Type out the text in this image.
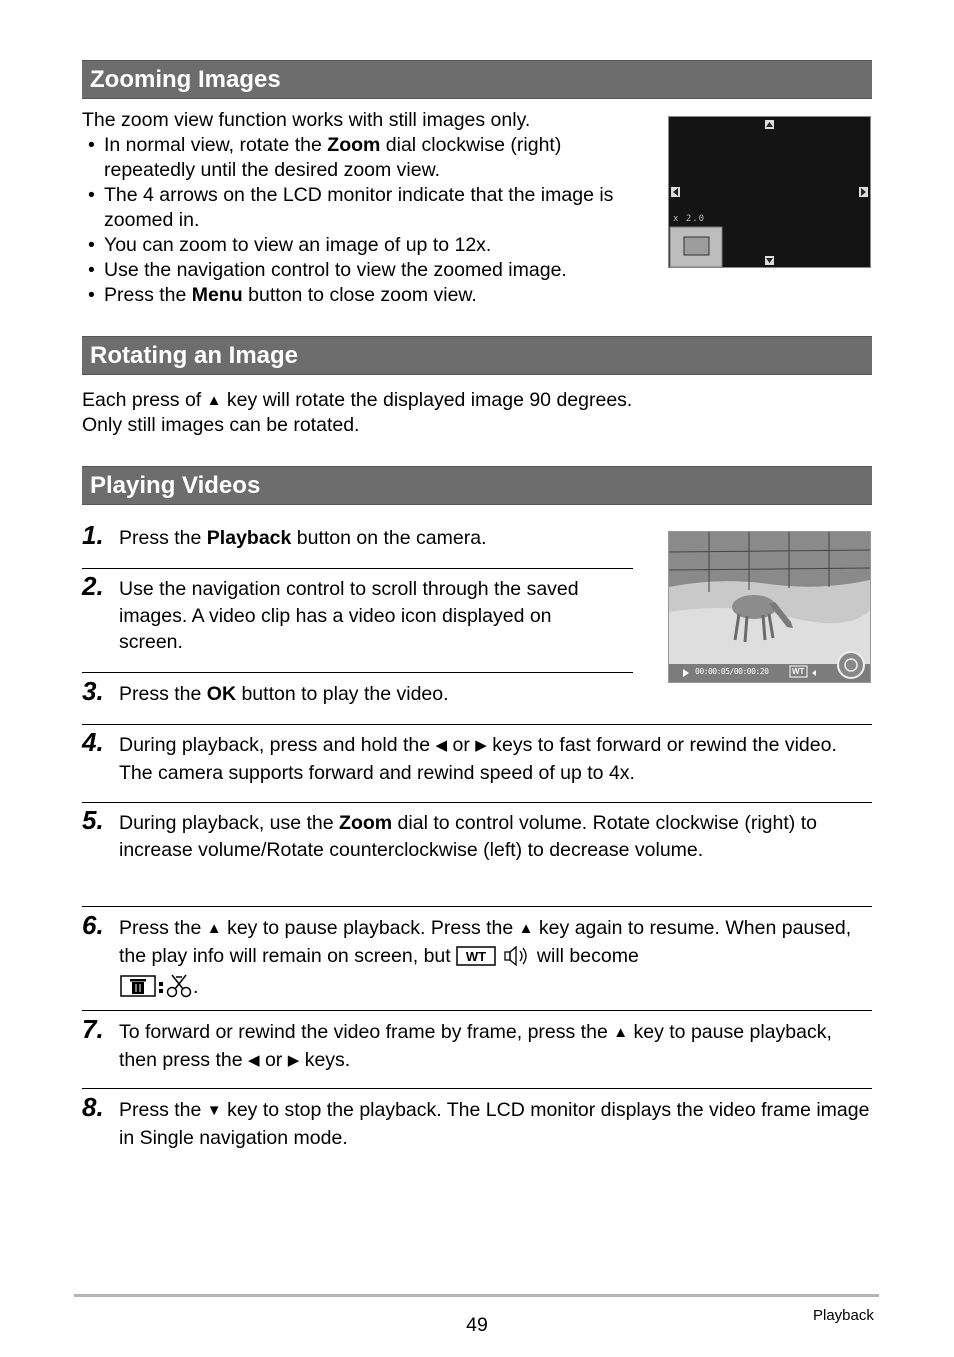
Zooming Images
The zoom view function works with still images only.
• In normal view, rotate the Zoom dial clockwise (right) repeatedly until the desired zoom view.
• The 4 arrows on the LCD monitor indicate that the image is zoomed in.
• You can zoom to view an image of up to 12x.
• Use the navigation control to view the zoomed image.
• Press the Menu button to close zoom view.
x 2.0
Rotating an Image
Each press of ▲ key will rotate the displayed image 90 degrees.
Only still images can be rotated.
Playing Videos
00:00:05/00:00:20	WT
1. Press the Playback button on the camera.
2. Use the navigation control to scroll through the saved images. A video clip has a video icon displayed on screen.
3. Press the OK button to play the video.
4. During playback, press and hold the ◀ or ▶ keys to fast forward or rewind the video. The camera supports forward and rewind speed of up to 4x.
5. During playback, use the Zoom dial to control volume. Rotate clockwise (right) to increase volume/Rotate counterclockwise (left) to decrease volume.
6. Press the ▲ key to pause playback. Press the ▲ key again to resume. When paused, the play info will remain on screen, but WT will become
.
7. To forward or rewind the video frame by frame, press the ▲ key to pause playback, then press the ◀ or ▶ keys.
8. Press the ▼ key to stop the playback. The LCD monitor displays the video frame image in Single navigation mode.
49	Playback
